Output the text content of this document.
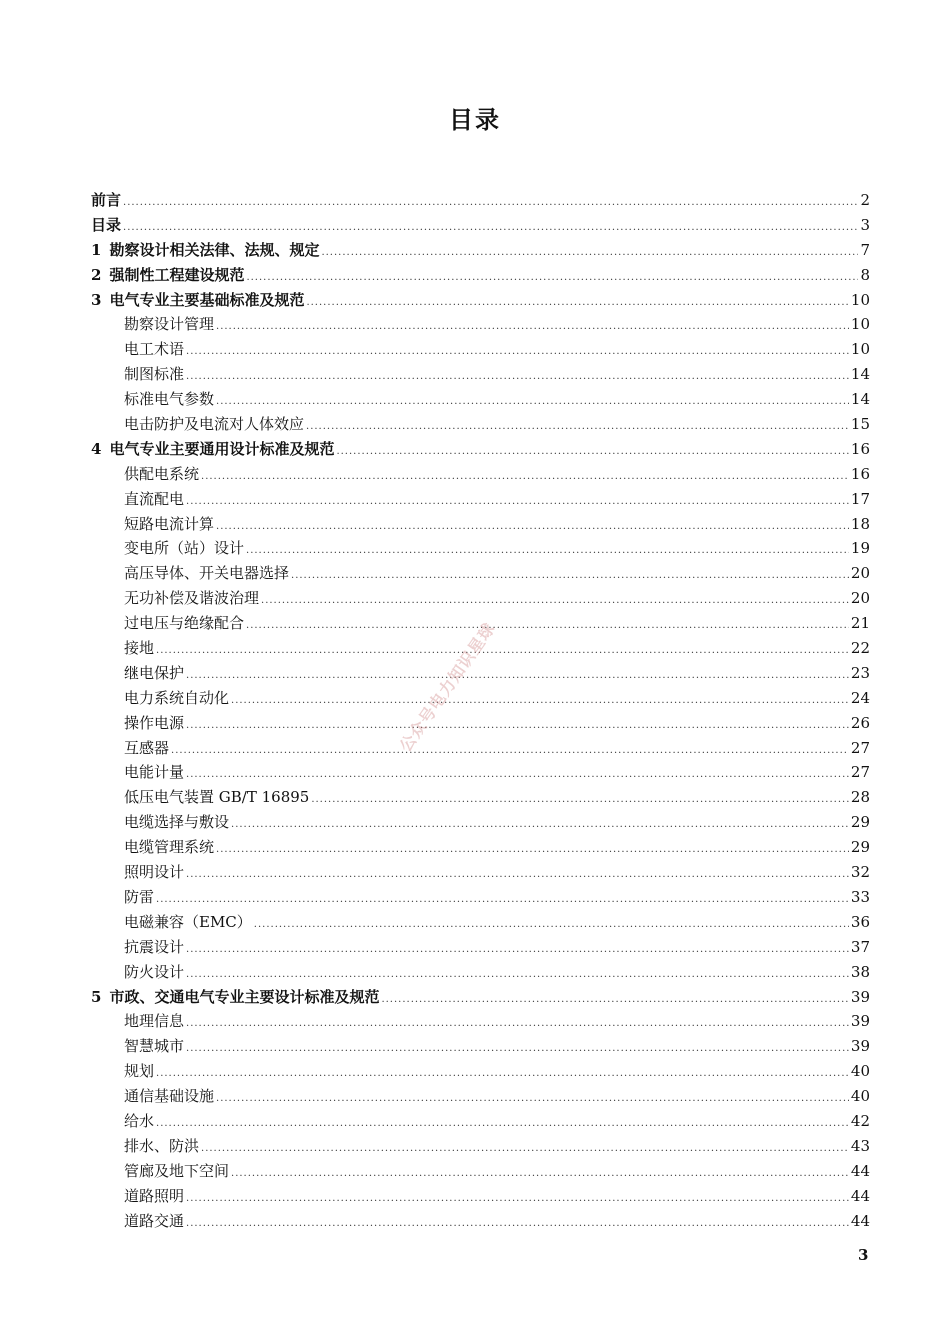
目录
前言 .....	2
目录 .....	3
1 勘察设计相关法律、法规、规定 .....	7
2 强制性工程建设规范 .....	8
3 电气专业主要基础标准及规范 .....	10
勘察设计管理 .....	10
电工术语 .....	10
制图标准 .....	14
标准电气参数 .....	14
电击防护及电流对人体效应 .....	15
4 电气专业主要通用设计标准及规范 .....	16
供配电系统 .....	16
直流配电 .....	17
短路电流计算 .....	18
变电所（站）设计 .....	19
高压导体、开关电器选择 .....	20
无功补偿及谐波治理 .....	20
过电压与绝缘配合 .....	21
接地 .....	22
继电保护 .....	23
电力系统自动化 .....	24
操作电源 .....	26
互感器 .....	27
电能计量 .....	27
低压电气装置 GB/T 16895 .....	28
电缆选择与敷设 .....	29
电缆管理系统 .....	29
照明设计 .....	32
防雷 .....	33
电磁兼容（EMC） .....	36
抗震设计 .....	37
防火设计 .....	38
5 市政、交通电气专业主要设计标准及规范 .....	39
地理信息 .....	39
智慧城市 .....	39
规划 .....	40
通信基础设施 .....	40
给水 .....	42
排水、防洪 .....	43
管廊及地下空间 .....	44
道路照明 .....	44
道路交通 .....	44
公众号电力知识星球
3
